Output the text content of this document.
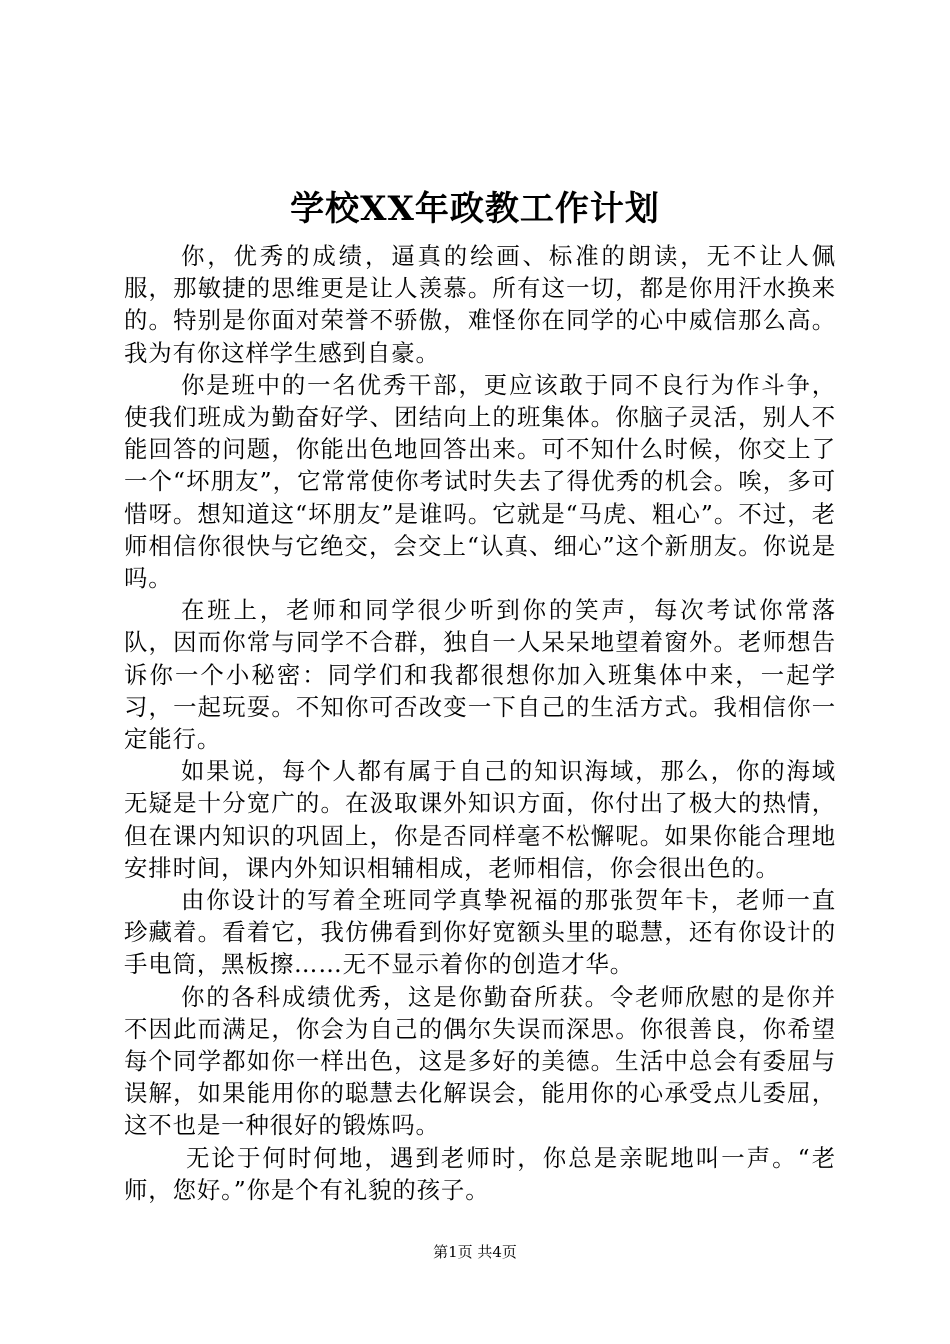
学校XX年政教工作计划

你，优秀的成绩，逼真的绘画、标准的朗读，无不让人佩服，那敏捷的思维更是让人羡慕。所有这一切，都是你用汗水换来的。特别是你面对荣誉不骄傲，难怪你在同学的心中威信那么高。我为有你这样学生感到自豪。

你是班中的一名优秀干部，更应该敢于同不良行为作斗争，使我们班成为勤奋好学、团结向上的班集体。你脑子灵活，别人不能回答的问题，你能出色地回答出来。可不知什么时候，你交上了一个“坏朋友”，它常常使你考试时失去了得优秀的机会。唉，多可惜呀。想知道这“坏朋友”是谁吗。它就是“马虎、粗心”。不过，老师相信你很快与它绝交，会交上“认真、细心”这个新朋友。你说是吗。

在班上，老师和同学很少听到你的笑声，每次考试你常落队，因而你常与同学不合群，独自一人呆呆地望着窗外。老师想告诉你一个小秘密：同学们和我都很想你加入班集体中来，一起学习，一起玩耍。不知你可否改变一下自己的生活方式。我相信你一定能行。

如果说，每个人都有属于自己的知识海域，那么，你的海域无疑是十分宽广的。在汲取课外知识方面，你付出了极大的热情，但在课内知识的巩固上，你是否同样毫不松懈呢。如果你能合理地安排时间，课内外知识相辅相成，老师相信，你会很出色的。

由你设计的写着全班同学真挚祝福的那张贺年卡，老师一直珍藏着。看着它，我仿佛看到你好宽额头里的聪慧，还有你设计的手电筒，黑板擦……无不显示着你的创造才华。

你的各科成绩优秀，这是你勤奋所获。令老师欣慰的是你并不因此而满足，你会为自己的偶尔失误而深思。你很善良，你希望每个同学都如你一样出色，这是多好的美德。生活中总会有委屈与误解，如果能用你的聪慧去化解误会，能用你的心承受点儿委屈，这不也是一种很好的锻炼吗。

无论于何时何地，遇到老师时，你总是亲昵地叫一声。“老师，您好。”你是个有礼貌的孩子。

第1页 共4页
